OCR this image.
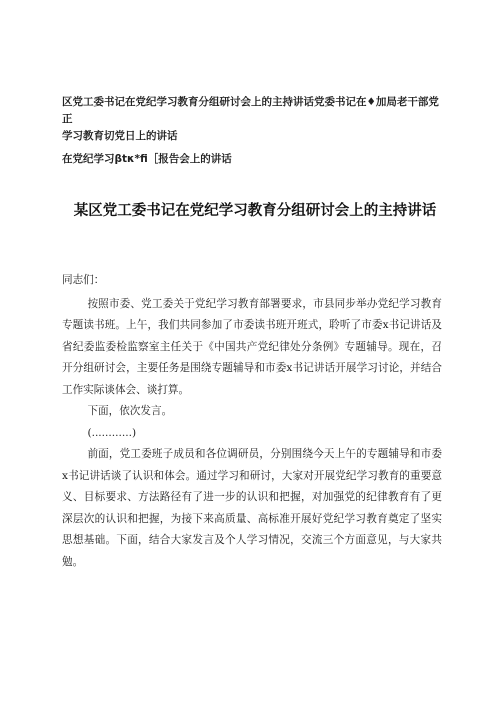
区党工委书记在党纪学习教育分组研讨会上的主持讲话党委书记在♦加局老干部党正
学习教育切党日上的讲话
在党纪学习βtκ*fi［报告会上的讲话
某区党工委书记在党纪学习教育分组研讨会上的主持讲话

同志们：

按照市委、党工委关于党纪学习教育部署要求，市县同步举办党纪学习教育专题读书班。上午，我们共同参加了市委读书班开班式，聆听了市委x书记讲话及省纪委监委检监察室主任关于《中国共产党纪律处分条例》专题辅导。现在，召开分组研讨会，主要任务是围绕专题辅导和市委x书记讲话开展学习讨论，并结合工作实际谈体会、谈打算。

下面，依次发言。

(............)

前面，党工委班子成员和各位调研员，分别围绕今天上午的专题辅导和市委x书记讲话谈了认识和体会。通过学习和研讨，大家对开展党纪学习教育的重要意义、目标要求、方法路径有了进一步的认识和把握，对加强党的纪律教育有了更深层次的认识和把握，为接下来高质量、高标准开展好党纪学习教育奠定了坚实思想基础。下面，结合大家发言及个人学习情况，交流三个方面意见，与大家共勉。
